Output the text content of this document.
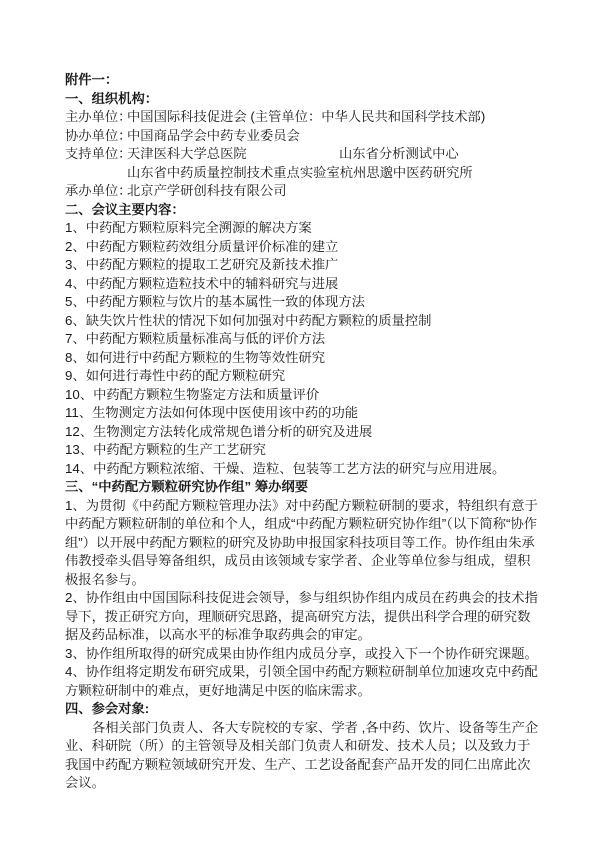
附件一：
一、组织机构：
主办单位：中国国际科技促进会 (主管单位：中华人民共和国科学技术部)
协办单位：中国商品学会中药专业委员会
支持单位：天津医科大学总医院	山东省分析测试中心
山东省中药质量控制技术重点实验室杭州思邈中医药研究所
承办单位：北京产学研创科技有限公司
二、会议主要内容：
1、中药配方颗粒原料完全溯源的解决方案
2、中药配方颗粒药效组分质量评价标准的建立
3、中药配方颗粒的提取工艺研究及新技术推广
4、中药配方颗粒造粒技术中的辅料研究与进展
5、中药配方颗粒与饮片的基本属性一致的体现方法
6、缺失饮片性状的情况下如何加强对中药配方颗粒的质量控制
7、中药配方颗粒质量标准高与低的评价方法
8、如何进行中药配方颗粒的生物等效性研究
9、如何进行毒性中药的配方颗粒研究
10、中药配方颗粒生物鉴定方法和质量评价
11、生物测定方法如何体现中医使用该中药的功能
12、生物测定方法转化成常规色谱分析的研究及进展
13、中药配方颗粒的生产工艺研究
14、中药配方颗粒浓缩、干燥、造粒、包装等工艺方法的研究与应用进展。
三、“中药配方颗粒研究协作组” 筹办纲要
1、为贯彻《中药配方颗粒管理办法》对中药配方颗粒研制的要求，特组织有意于中药配方颗粒研制的单位和个人，组成“中药配方颗粒研究协作组”（以下简称“协作组”）以开展中药配方颗粒的研究及协助申报国家科技项目等工作。协作组由朱承伟教授牵头倡导筹备组织，成员由该领域专家学者、企业等单位参与组成，望积极报名参与。
2、协作组由中国国际科技促进会领导，参与组织协作组内成员在药典会的技术指导下，拨正研究方向，理顺研究思路，提高研究方法，提供出科学合理的研究数据及药品标准，以高水平的标准争取药典会的审定。
3、协作组所取得的研究成果由协作组内成员分享，或投入下一个协作研究课题。
4、协作组将定期发布研究成果，引领全国中药配方颗粒研制单位加速攻克中药配方颗粒研制中的难点，更好地满足中医的临床需求。
四、参会对象:
各相关部门负责人、各大专院校的专家、学者 ,各中药、饮片、设备等生产企业、科研院（所）的主管领导及相关部门负责人和研发、技术人员；以及致力于我国中药配方颗粒领域研究开发、生产、工艺设备配套产品开发的同仁出席此次会议。
